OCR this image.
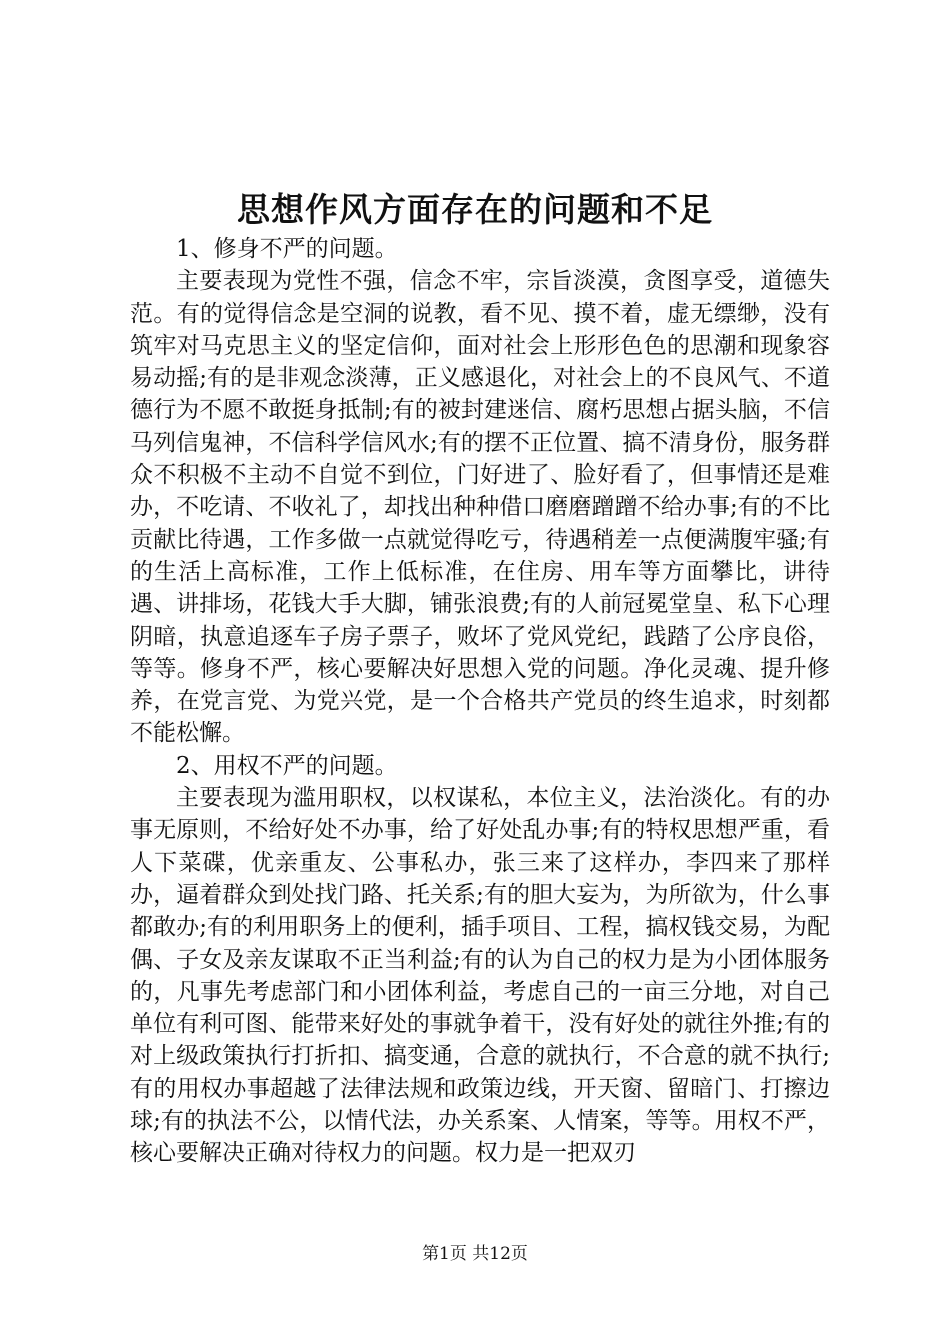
思想作风方面存在的问题和不足

1、修身不严的问题。

主要表现为党性不强，信念不牢，宗旨淡漠，贪图享受，道德失范。有的觉得信念是空洞的说教，看不见、摸不着，虚无缥缈，没有筑牢对马克思主义的坚定信仰，面对社会上形形色色的思潮和现象容易动摇;有的是非观念淡薄，正义感退化，对社会上的不良风气、不道德行为不愿不敢挺身抵制;有的被封建迷信、腐朽思想占据头脑，不信马列信鬼神，不信科学信风水;有的摆不正位置、搞不清身份，服务群众不积极不主动不自觉不到位，门好进了、脸好看了，但事情还是难办，不吃请、不收礼了，却找出种种借口磨磨蹭蹭不给办事;有的不比贡献比待遇，工作多做一点就觉得吃亏，待遇稍差一点便满腹牢骚;有的生活上高标准，工作上低标准，在住房、用车等方面攀比，讲待遇、讲排场，花钱大手大脚，铺张浪费;有的人前冠冕堂皇、私下心理阴暗，执意追逐车子房子票子，败坏了党风党纪，践踏了公序良俗，等等。修身不严，核心要解决好思想入党的问题。净化灵魂、提升修养，在党言党、为党兴党，是一个合格共产党员的终生追求，时刻都不能松懈。

2、用权不严的问题。

主要表现为滥用职权，以权谋私，本位主义，法治淡化。有的办事无原则，不给好处不办事，给了好处乱办事;有的特权思想严重，看人下菜碟，优亲重友、公事私办，张三来了这样办，李四来了那样办，逼着群众到处找门路、托关系;有的胆大妄为，为所欲为，什么事都敢办;有的利用职务上的便利，插手项目、工程，搞权钱交易，为配偶、子女及亲友谋取不正当利益;有的认为自己的权力是为小团体服务的，凡事先考虑部门和小团体利益，考虑自己的一亩三分地，对自己单位有利可图、能带来好处的事就争着干，没有好处的就往外推;有的对上级政策执行打折扣、搞变通，合意的就执行，不合意的就不执行;有的用权办事超越了法律法规和政策边线，开天窗、留暗门、打擦边球;有的执法不公，以情代法，办关系案、人情案，等等。用权不严，核心要解决正确对待权力的问题。权力是一把双刃

第1页 共12页
